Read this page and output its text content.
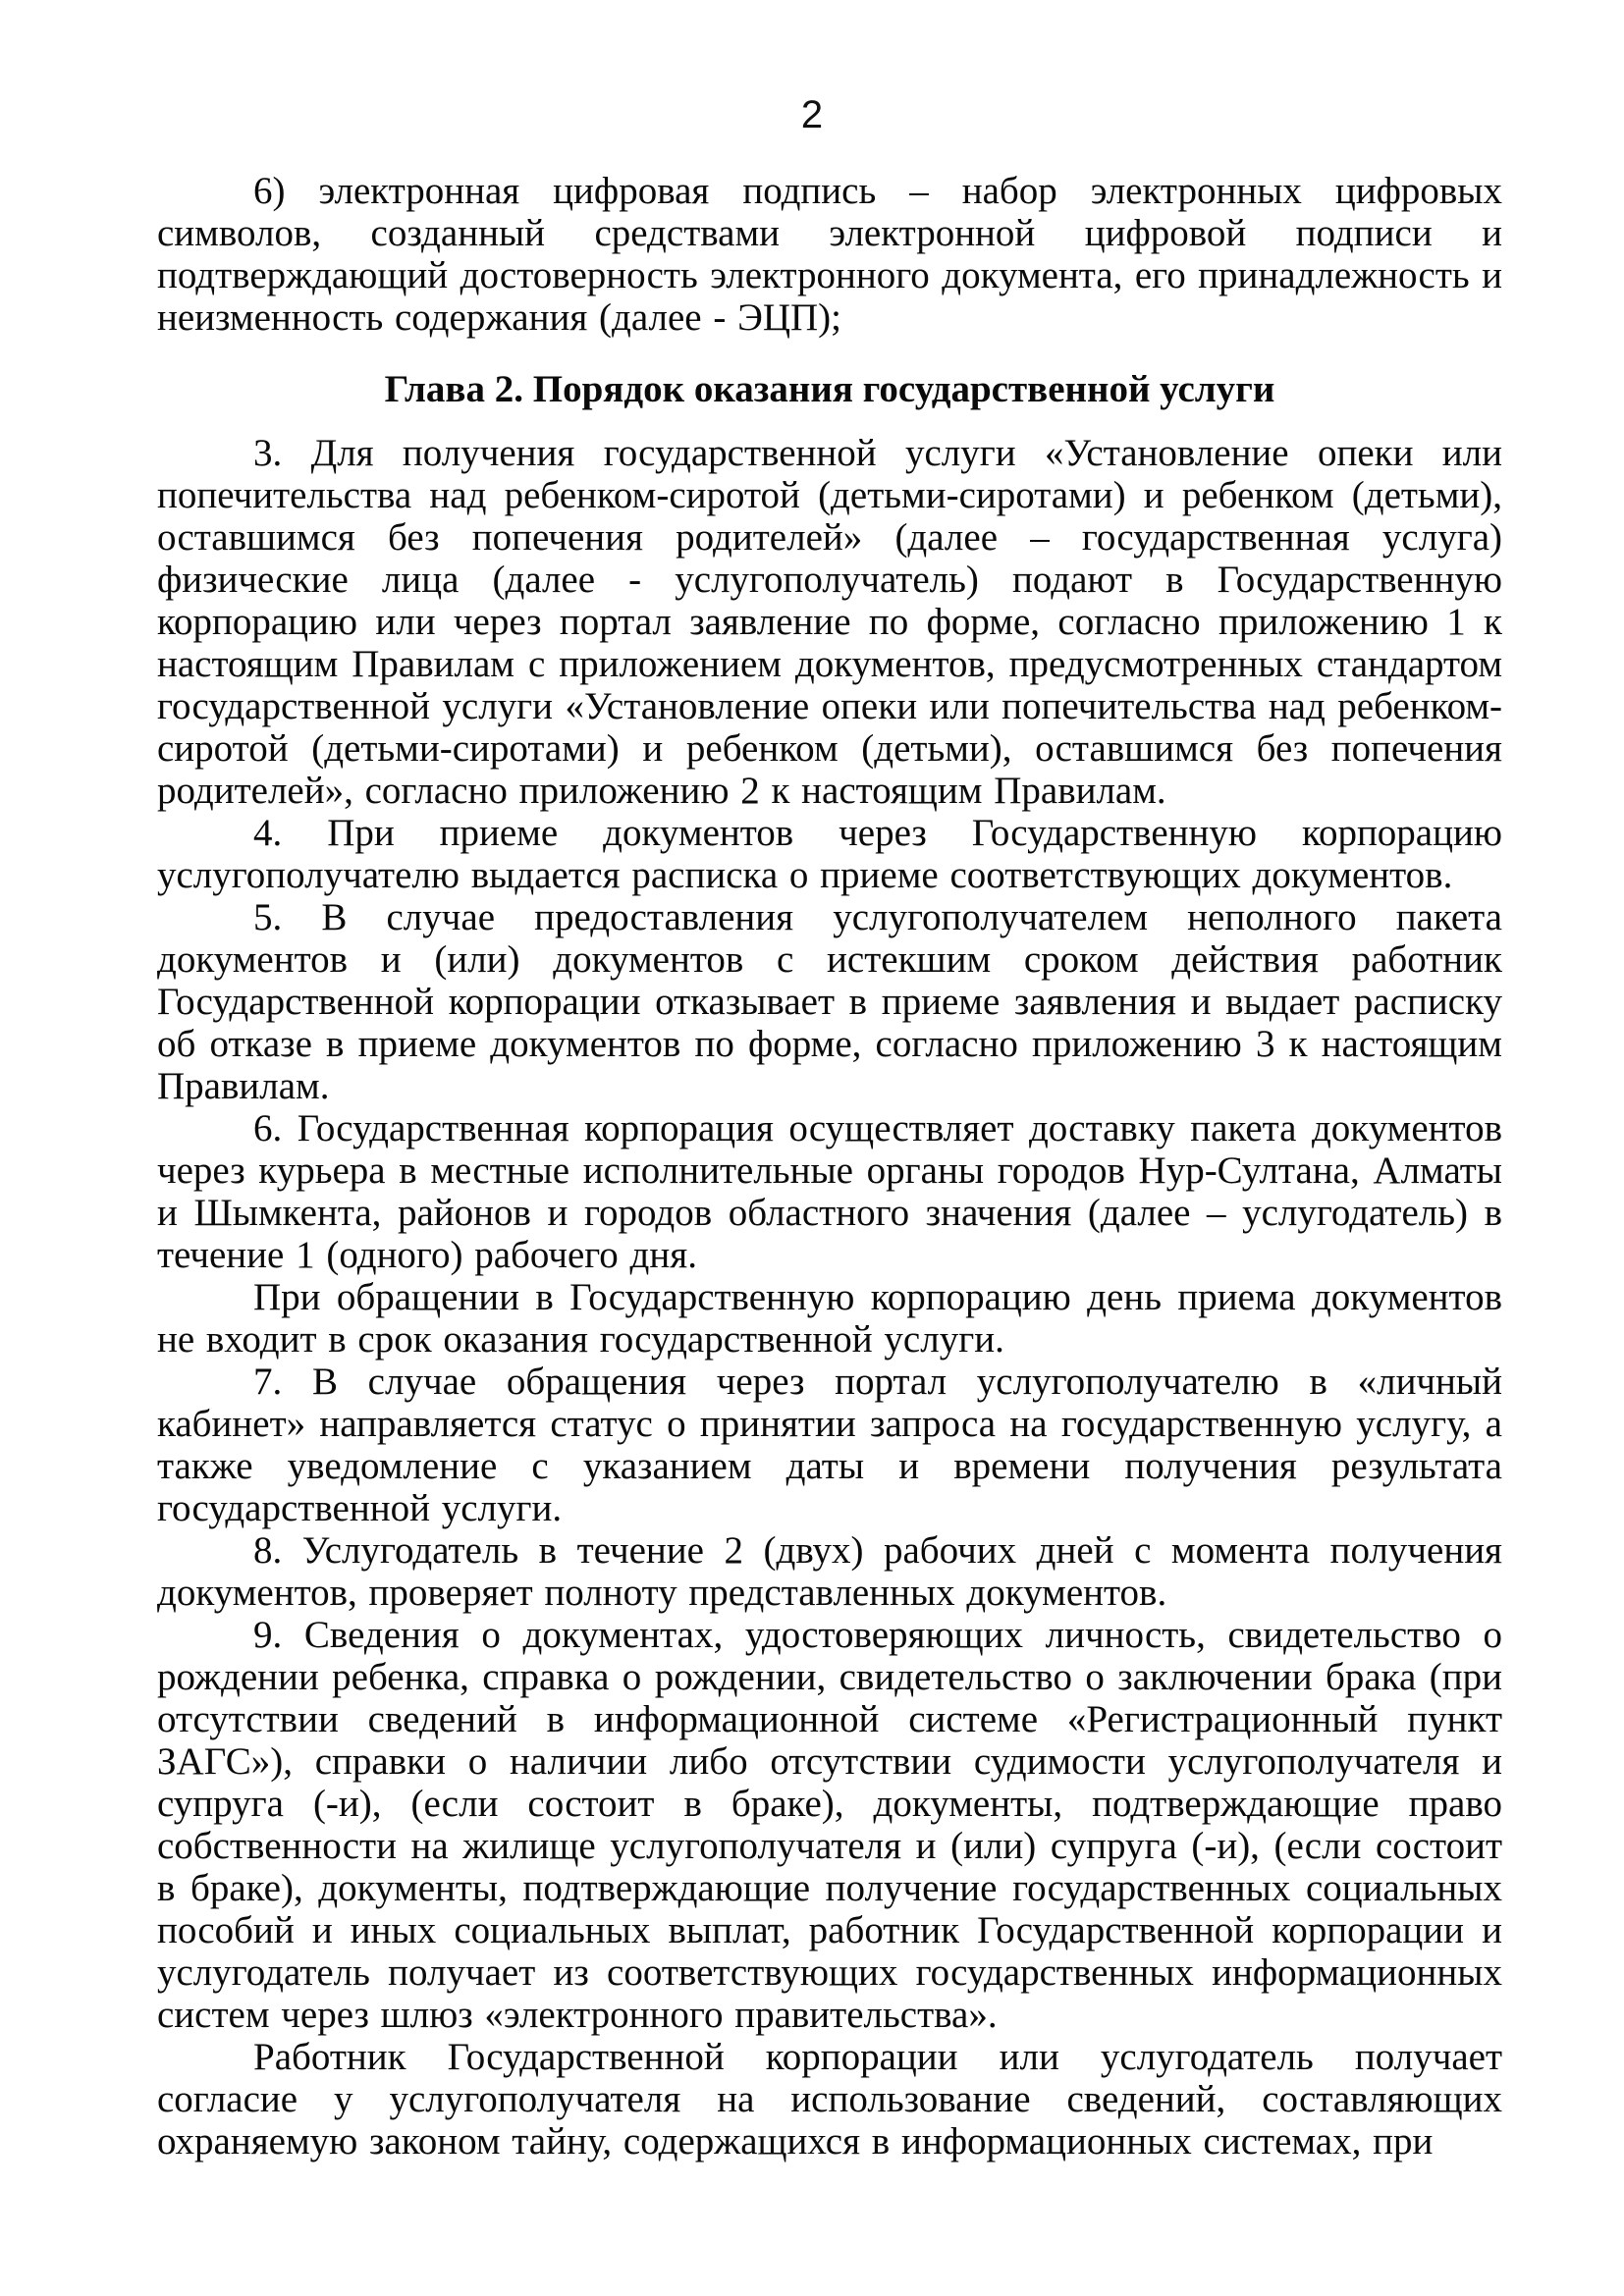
2

6) электронная цифровая подпись – набор электронных цифровых символов, созданный средствами электронной цифровой подписи и подтверждающий достоверность электронного документа, его принадлежность и неизменность содержания (далее - ЭЦП);

Глава 2. Порядок оказания государственной услуги

3. Для получения государственной услуги «Установление опеки или попечительства над ребенком-сиротой (детьми-сиротами) и ребенком (детьми), оставшимся без попечения родителей» (далее – государственная услуга) физические лица (далее - услугополучатель) подают в Государственную корпорацию или через портал заявление по форме, согласно приложению 1 к настоящим Правилам с приложением документов, предусмотренных стандартом государственной услуги «Установление опеки или попечительства над ребенком-сиротой (детьми-сиротами) и ребенком (детьми), оставшимся без попечения родителей», согласно приложению 2 к настоящим Правилам.

4. При приеме документов через Государственную корпорацию услугополучателю выдается расписка о приеме соответствующих документов.

5. В случае предоставления услугополучателем неполного пакета документов и (или) документов с истекшим сроком действия работник Государственной корпорации отказывает в приеме заявления и выдает расписку об отказе в приеме документов по форме, согласно приложению 3 к настоящим Правилам.

6. Государственная корпорация осуществляет доставку пакета документов через курьера в местные исполнительные органы городов Нур-Султана, Алматы и Шымкента, районов и городов областного значения (далее – услугодатель) в течение 1 (одного) рабочего дня.

При обращении в Государственную корпорацию день приема документов не входит в срок оказания государственной услуги.

7. В случае обращения через портал услугополучателю в «личный кабинет» направляется статус о принятии запроса на государственную услугу, а также уведомление с указанием даты и времени получения результата государственной услуги.

8. Услугодатель в течение 2 (двух) рабочих дней с момента получения документов, проверяет полноту представленных документов.

9. Сведения о документах, удостоверяющих личность, свидетельство о рождении ребенка, справка о рождении, свидетельство о заключении брака (при отсутствии сведений в информационной системе «Регистрационный пункт ЗАГС»), справки о наличии либо отсутствии судимости услугополучателя и супруга (-и), (если состоит в браке), документы, подтверждающие право собственности на жилище услугополучателя и (или) супруга (-и), (если состоит в браке), документы, подтверждающие получение государственных социальных пособий и иных социальных выплат, работник Государственной корпорации и услугодатель получает из соответствующих государственных информационных систем через шлюз «электронного правительства».

Работник Государственной корпорации или услугодатель получает согласие у услугополучателя на использование сведений, составляющих охраняемую законом тайну, содержащихся в информационных системах, при
